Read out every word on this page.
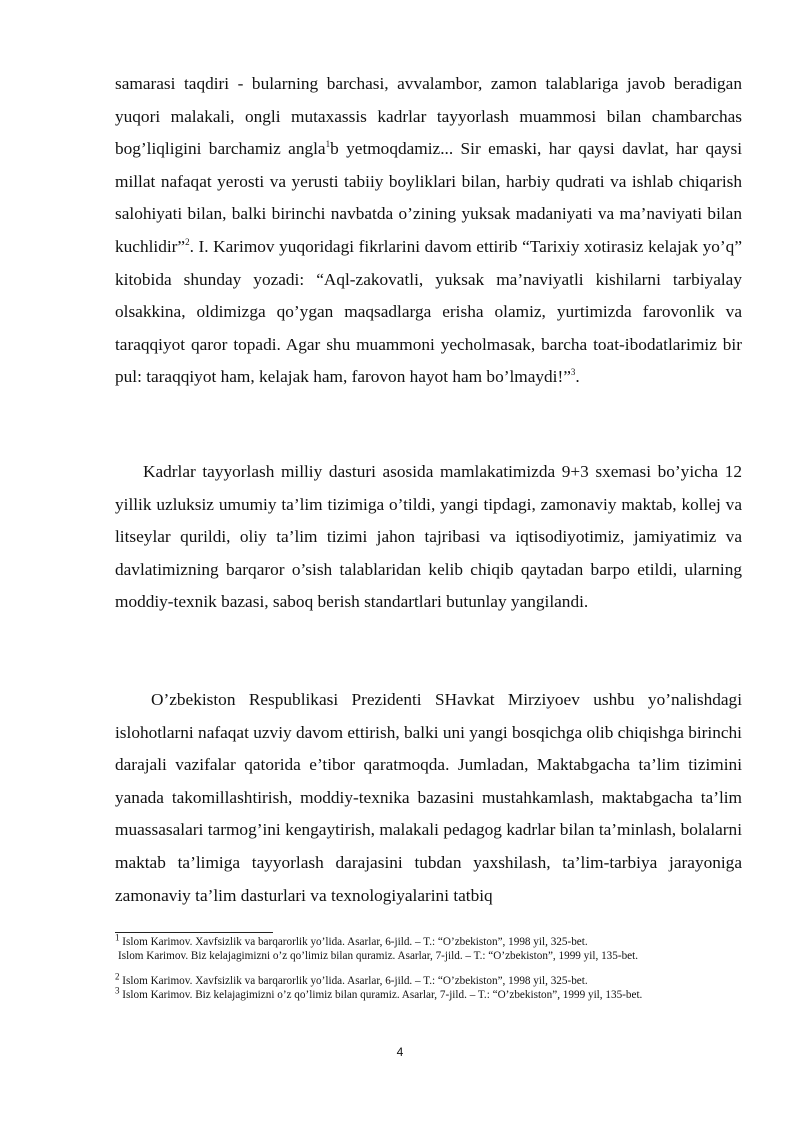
samarasi taqdiri - bularning barchasi, avvalambor, zamon talablariga javob beradigan yuqori malakali, ongli mutaxassis kadrlar tayyorlash muammosi bilan chambarchas bog’liqligini barchamiz angla$^1$b yetmoqdamiz... Sir emaski, har qaysi davlat, har qaysi millat nafaqat yerosti va yerusti tabiiy boyliklari bilan, harbiy qudrati va ishlab chiqarish salohiyati bilan, balki birinchi navbatda o’zining yuksak madaniyati va ma’naviyati bilan kuchlidir”$^2$. I. Karimov yuqoridagi fikrlarini davom ettirib “Tarixiy xotirasiz kelajak yo’q” kitobida shunday yozadi: “Aql-zakovatli, yuksak ma’naviyatli kishilarni tarbiyalay olsakkina, oldimizga qo’ygan maqsadlarga erisha olamiz, yurtimizda farovonlik va taraqqiyot qaror topadi. Agar shu muammoni yecholmasak, barcha toat-ibodatlarimiz bir pul: taraqqiyot ham, kelajak ham, farovon hayot ham bo’lmaydi!”$^3$.

Kadrlar tayyorlash milliy dasturi asosida mamlakatimizda 9+3 sxemasi bo’yicha 12 yillik uzluksiz umumiy ta’lim tizimiga o’tildi, yangi tipdagi, zamonaviy maktab, kollej va litseylar qurildi, oliy ta’lim tizimi jahon tajribasi va iqtisodiyotimiz, jamiyatimiz va davlatimizning barqaror o’sish talablaridan kelib chiqib qaytadan barpo etildi, ularning moddiy-texnik bazasi, saboq berish standartlari butunlay yangilandi.

O’zbekiston Respublikasi Prezidenti SHavkat Mirziyoev ushbu yo’nalishdagi islohotlarni nafaqat uzviy davom ettirish, balki uni yangi bosqichga olib chiqishga birinchi darajali vazifalar qatorida e’tibor qaratmoqda. Jumladan, Maktabgacha ta’lim tizimini yanada takomillashtirish, moddiy-texnika bazasini mustahkamlash, maktabgacha ta’lim muassasalari tarmog’ini kengaytirish, malakali pedagog kadrlar bilan ta’minlash, bolalarni maktab ta’limiga tayyorlash darajasini tubdan yaxshilash, ta’lim-tarbiya jarayoniga zamonaviy ta’lim dasturlari va texnologiyalarini tatbiq

$^1$ Islom Karimov. Xavfsizlik va barqarorlik yo’lida. Asarlar, 6-jild. – T.: “O’zbekiston”, 1998 yil, 325-bet.

Islom Karimov. Biz kelajagimizni o’z qo’limiz bilan quramiz. Asarlar, 7-jild. – T.: “O’zbekiston”, 1999 yil, 135-bet.

$^2$ Islom Karimov. Xavfsizlik va barqarorlik yo’lida. Asarlar, 6-jild. – T.: “O’zbekiston”, 1998 yil, 325-bet.

$^3$ Islom Karimov. Biz kelajagimizni o’z qo’limiz bilan quramiz. Asarlar, 7-jild. – T.: “O’zbekiston”, 1999 yil, 135-bet.

4
